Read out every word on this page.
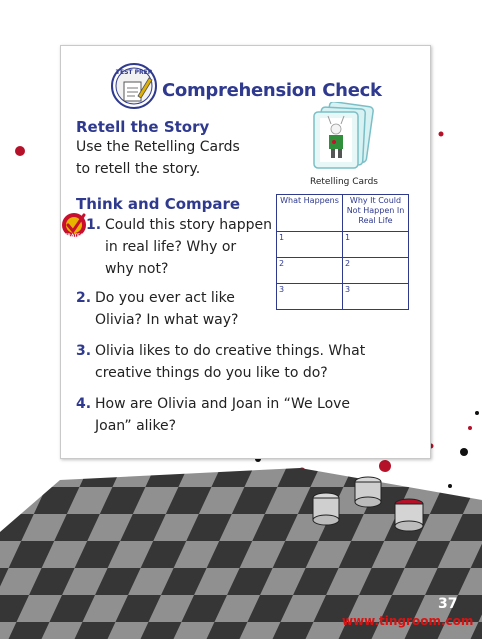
TEST PREP
Comprehension Check
Retell the Story
Use the Retelling Cards
to retell the story.
Retelling Cards
Think and Compare
STRATEGY
1. Could this story happen
in real life? Why or
why not?
2. Do you ever act like
Olivia? In what way?
3. Olivia likes to do creative things. What
creative things do you like to do?
4. How are Olivia and Joan in “We Love
Joan” alike?
What Happens	Why It Could Not Happen In Real Life
1	1
2	2
3	3
37
www.tingroom.com
